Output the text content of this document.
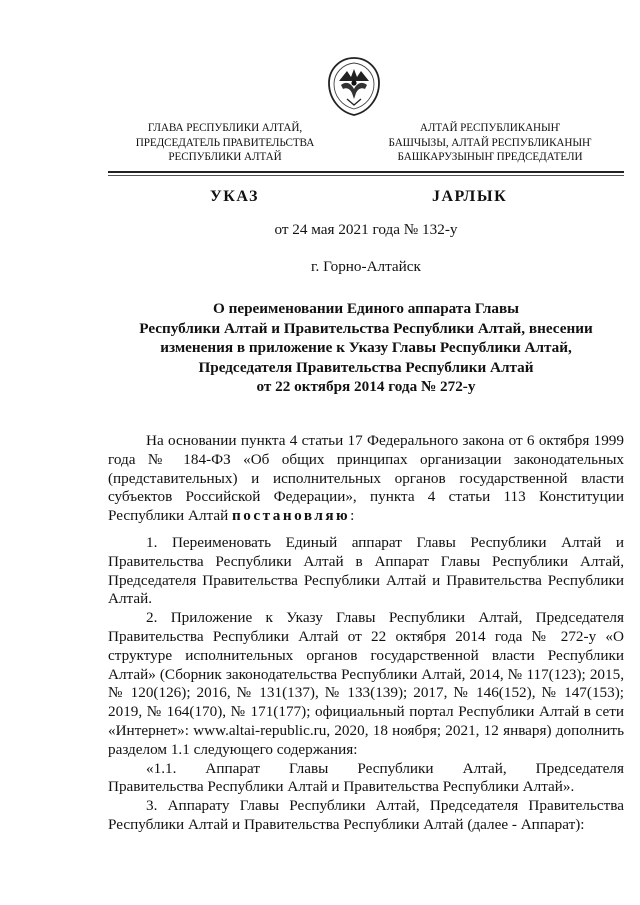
ГЛАВА РЕСПУБЛИКИ АЛТАЙ,
ПРЕДСЕДАТЕЛЬ ПРАВИТЕЛЬСТВА
РЕСПУБЛИКИ АЛТАЙ
АЛТАЙ РЕСПУБЛИКАНЫҤ
БАШЧЫЗЫ, АЛТАЙ РЕСПУБЛИКАНЫҤ
БАШКАРУЗЫНЫҤ ПРЕДСЕДАТЕЛИ
УКАЗ	JАРЛЫК
от 24 мая 2021 года № 132-у
г. Горно-Алтайск
О переименовании Единого аппарата Главы
Республики Алтай и Правительства Республики Алтай, внесении
изменения в приложение к Указу Главы Республики Алтай,
Председателя Правительства Республики Алтай
от 22 октября 2014 года № 272-у

На основании пункта 4 статьи 17 Федерального закона от 6 октября 1999 года № 184-ФЗ «Об общих принципах организации законодательных (представительных) и исполнительных органов государственной власти субъектов Российской Федерации», пункта 4 статьи 113 Конституции Республики Алтай постановляю:

1. Переименовать Единый аппарат Главы Республики Алтай и Правительства Республики Алтай в Аппарат Главы Республики Алтай, Председателя Правительства Республики Алтай и Правительства Республики Алтай.

2. Приложение к Указу Главы Республики Алтай, Председателя Правительства Республики Алтай от 22 октября 2014 года № 272-у «О структуре исполнительных органов государственной власти Республики Алтай» (Сборник законодательства Республики Алтай, 2014, № 117(123); 2015, № 120(126); 2016, № 131(137), № 133(139); 2017, № 146(152), № 147(153); 2019, № 164(170), № 171(177); официальный портал Республики Алтай в сети «Интернет»: www.altai-republic.ru, 2020, 18 ноября; 2021, 12 января) дополнить разделом 1.1 следующего содержания:

«1.1. Аппарат Главы Республики Алтай, Председателя

Правительства Республики Алтай и Правительства Республики Алтай».

3. Аппарату Главы Республики Алтай, Председателя Правительства

Республики Алтай и Правительства Республики Алтай (далее - Аппарат):
